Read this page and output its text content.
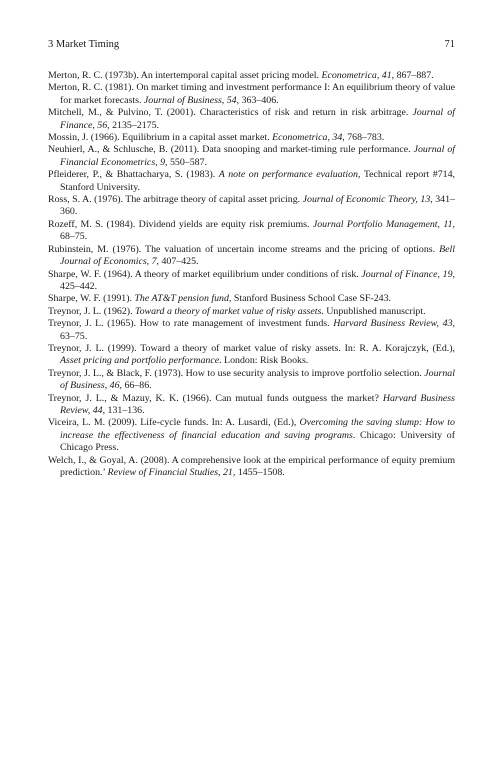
3 Market Timing	71
Merton, R. C. (1973b). An intertemporal capital asset pricing model. Econometrica, 41, 867–887.
Merton, R. C. (1981). On market timing and investment performance I: An equilibrium theory of value for market forecasts. Journal of Business, 54, 363–406.
Mitchell, M., & Pulvino, T. (2001). Characteristics of risk and return in risk arbitrage. Journal of Finance, 56, 2135–2175.
Mossin, J. (1966). Equilibrium in a capital asset market. Econometrica, 34, 768–783.
Neuhierl, A., & Schlusche, B. (2011). Data snooping and market-timing rule performance. Journal of Financial Econometrics, 9, 550–587.
Pfleiderer, P., & Bhattacharya, S. (1983). A note on performance evaluation, Technical report #714, Stanford University.
Ross, S. A. (1976). The arbitrage theory of capital asset pricing. Journal of Economic Theory, 13, 341–360.
Rozeff, M. S. (1984). Dividend yields are equity risk premiums. Journal Portfolio Management, 11, 68–75.
Rubinstein, M. (1976). The valuation of uncertain income streams and the pricing of options. Bell Journal of Economics, 7, 407–425.
Sharpe, W. F. (1964). A theory of market equilibrium under conditions of risk. Journal of Finance, 19, 425–442.
Sharpe, W. F. (1991). The AT&T pension fund, Stanford Business School Case SF-243.
Treynor, J. L. (1962). Toward a theory of market value of risky assets. Unpublished manuscript.
Treynor, J. L. (1965). How to rate management of investment funds. Harvard Business Review, 43, 63–75.
Treynor, J. L. (1999). Toward a theory of market value of risky assets. In: R. A. Korajczyk, (Ed.), Asset pricing and portfolio performance. London: Risk Books.
Treynor, J. L., & Black, F. (1973). How to use security analysis to improve portfolio selection. Journal of Business, 46, 66–86.
Treynor, J. L., & Mazuy, K. K. (1966). Can mutual funds outguess the market? Harvard Business Review, 44, 131–136.
Viceira, L. M. (2009). Life-cycle funds. In: A. Lusardi, (Ed.), Overcoming the saving slump: How to increase the effectiveness of financial education and saving programs. Chicago: University of Chicago Press.
Welch, I., & Goyal, A. (2008). A comprehensive look at the empirical performance of equity premium prediction.’ Review of Financial Studies, 21, 1455–1508.
